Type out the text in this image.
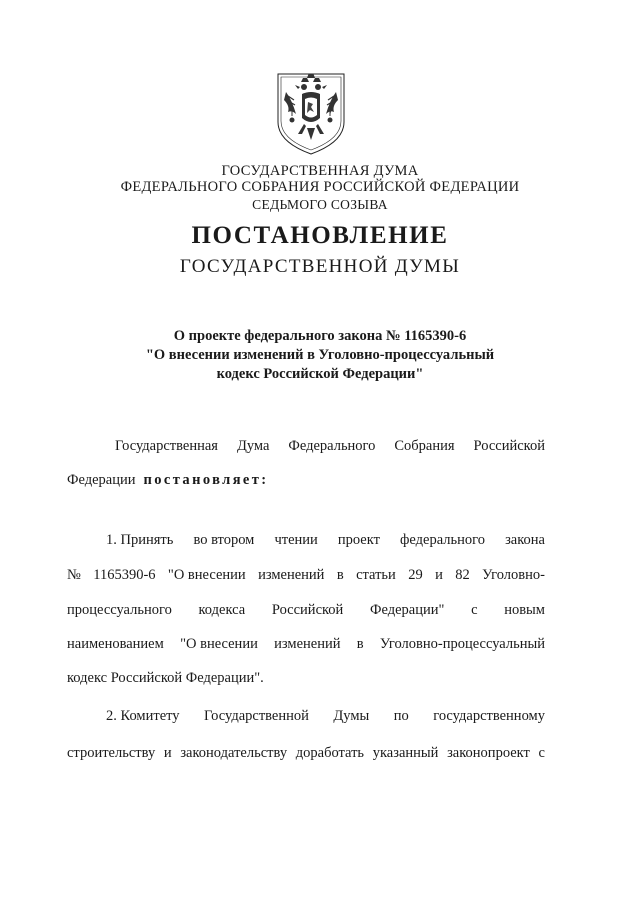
ГОСУДАРСТВЕННАЯ ДУМА
ФЕДЕРАЛЬНОГО СОБРАНИЯ РОССИЙСКОЙ ФЕДЕРАЦИИ
СЕДЬМОГО СОЗЫВА
ПОСТАНОВЛЕНИЕ
ГОСУДАРСТВЕННОЙ ДУМЫ
О проекте федерального закона № 1165390-6
"О внесении изменений в Уголовно-процессуальный
кодекс Российской Федерации"
Государственная Дума Федерального Собрания Российской
Федерации постановляет:
1. Принять во втором чтении проект федерального закона
№ 1165390-6 "О внесении изменений в статьи 29 и 82 Уголовно-
процессуального кодекса Российской Федерации" с новым
наименованием "О внесении изменений в Уголовно-процессуальный
кодекс Российской Федерации".
2. Комитету Государственной Думы по государственному
строительству и законодательству доработать указанный законопроект с
